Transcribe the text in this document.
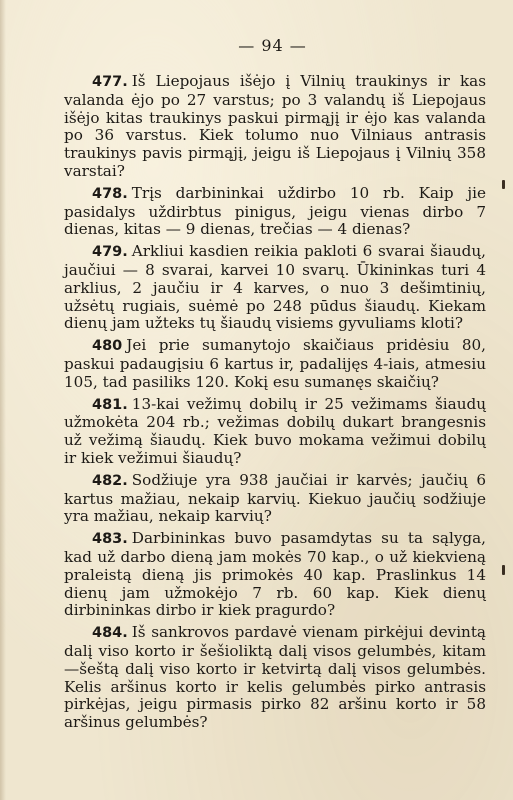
— 94 —

477. Iš Liepojaus išėjo į Vilnių traukinys ir kas valanda ėjo po 27 varstus; po 3 valandų iš Liepojaus išėjo kitas traukinys paskui pirmąjį ir ėjo kas valanda po 36 varstus. Kiek tolumo nuo Vilniaus antrasis traukinys pavis pirmąjį, jeigu iš Liepojaus į Vilnių 358 varstai?

478. Trįs darbininkai uždirbo 10 rb. Kaip jie pasidalys uždirbtus pinigus, jeigu vienas dirbo 7 dienas, kitas — 9 dienas, trečias — 4 dienas?

479. Arkliui kasdien reikia pakloti 6 svarai šiaudų, jaučiui — 8 svarai, karvei 10 svarų. Ūkininkas turi 4 arklius, 2 jaučiu ir 4 karves, o nuo 3 dešimtinių, užsėtų rugiais, suėmė po 248 pūdus šiaudų. Kiekam dienų jam užteks tų šiaudų visiems gyvuliams kloti?

480 Jei prie sumanytojo skaičiaus pridėsiu 80, paskui padaugįsiu 6 kartus ir, padalijęs 4-iais, atmesiu 105, tad pasiliks 120. Kokį esu sumanęs skaičių?

481. 13-kai vežimų dobilų ir 25 vežimams šiaudų užmokėta 204 rb.; vežimas dobilų dukart brangesnis už vežimą šiaudų. Kiek buvo mokama vežimui dobilų ir kiek vežimui šiaudų?

482. Sodžiuje yra 938 jaučiai ir karvės; jaučių 6 kartus mažiau, nekaip karvių. Kiekuo jaučių sodžiuje yra mažiau, nekaip karvių?

483. Darbininkas buvo pasamdytas su ta sąlyga, kad už darbo dieną jam mokės 70 kap., o už kiekvieną praleistą dieną jis primokės 40 kap. Praslinkus 14 dienų jam užmokėjo 7 rb. 60 kap. Kiek dienų dirbininkas dirbo ir kiek pragurdo?

484. Iš sankrovos pardavė vienam pirkėjui devintą dalį viso korto ir šešioliktą dalį visos gelumbės, kitam—šeštą dalį viso korto ir ketvirtą dalį visos gelumbės. Kelis aršinus korto ir kelis gelumbės pirko antrasis pirkėjas, jeigu pirmasis pirko 82 aršinu korto ir 58 aršinus gelumbės?
